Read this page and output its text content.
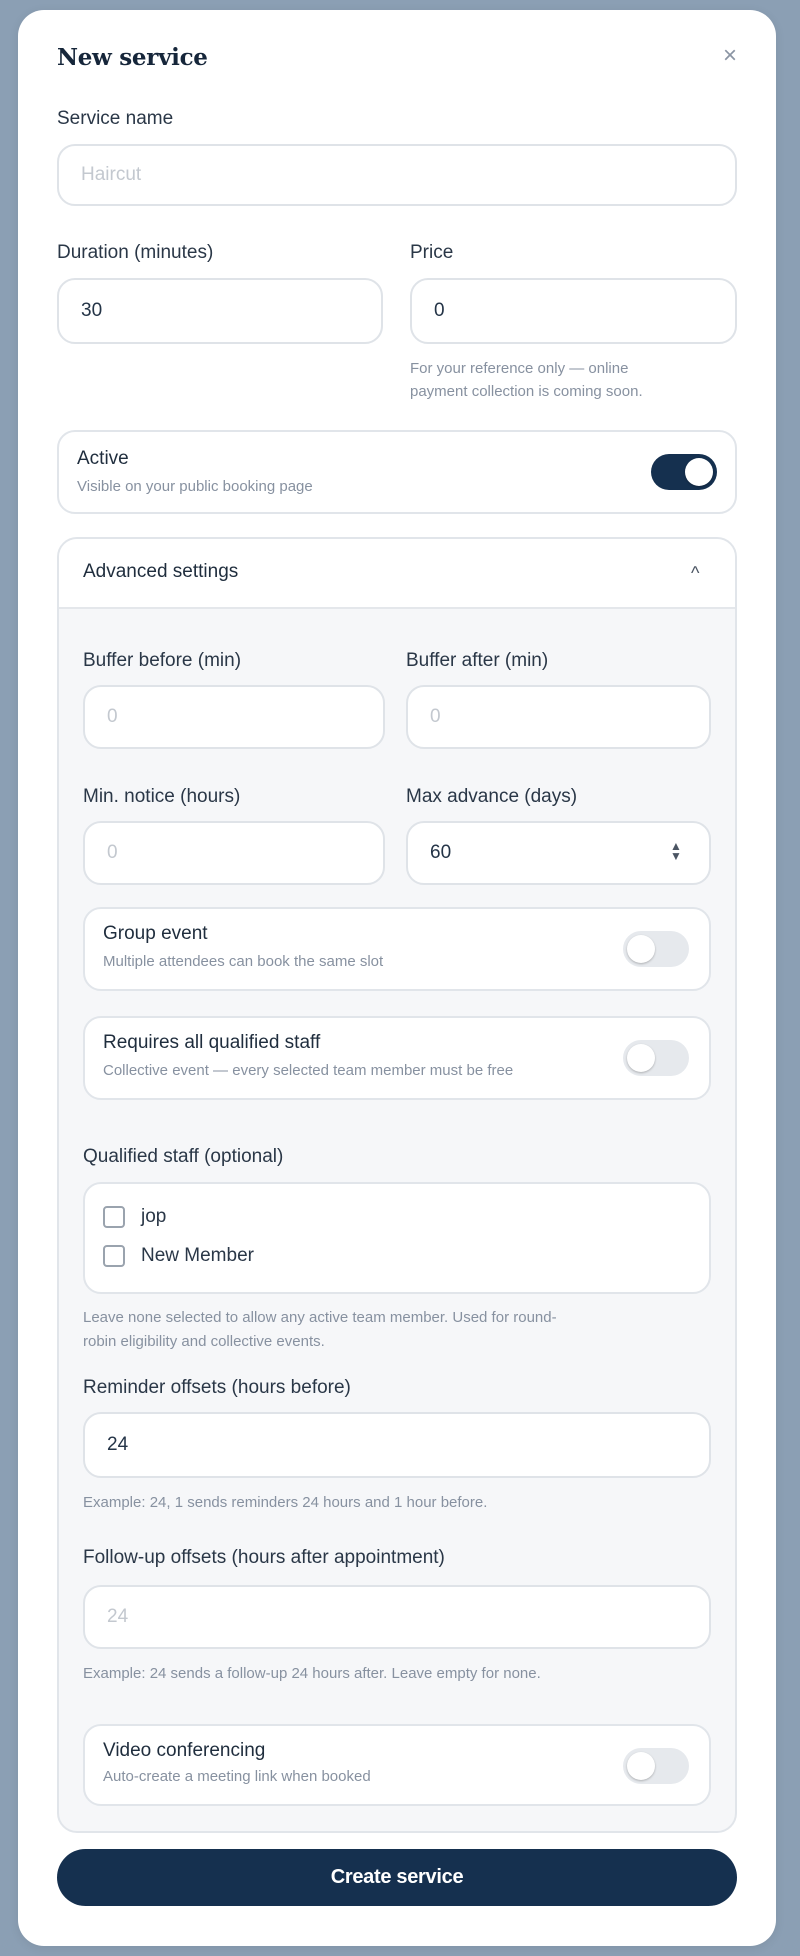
New service	×
Service name
Haircut
Duration (minutes)
30
Price
0
For your reference only — online
payment collection is coming soon.
Active
Visible on your public booking page
Advanced settings	^
Buffer before (min)
0
Buffer after (min)
0
Min. notice (hours)
0
Max advance (days)
60	▲
▼
Group event
Multiple attendees can book the same slot
Requires all qualified staff
Collective event — every selected team member must be free
Qualified staff (optional)
jop
New Member
Leave none selected to allow any active team member. Used for round-
robin eligibility and collective events.
Reminder offsets (hours before)
24
Example: 24, 1 sends reminders 24 hours and 1 hour before.
Follow-up offsets (hours after appointment)
24
Example: 24 sends a follow-up 24 hours after. Leave empty for none.
Video conferencing
Auto-create a meeting link when booked
Create service
